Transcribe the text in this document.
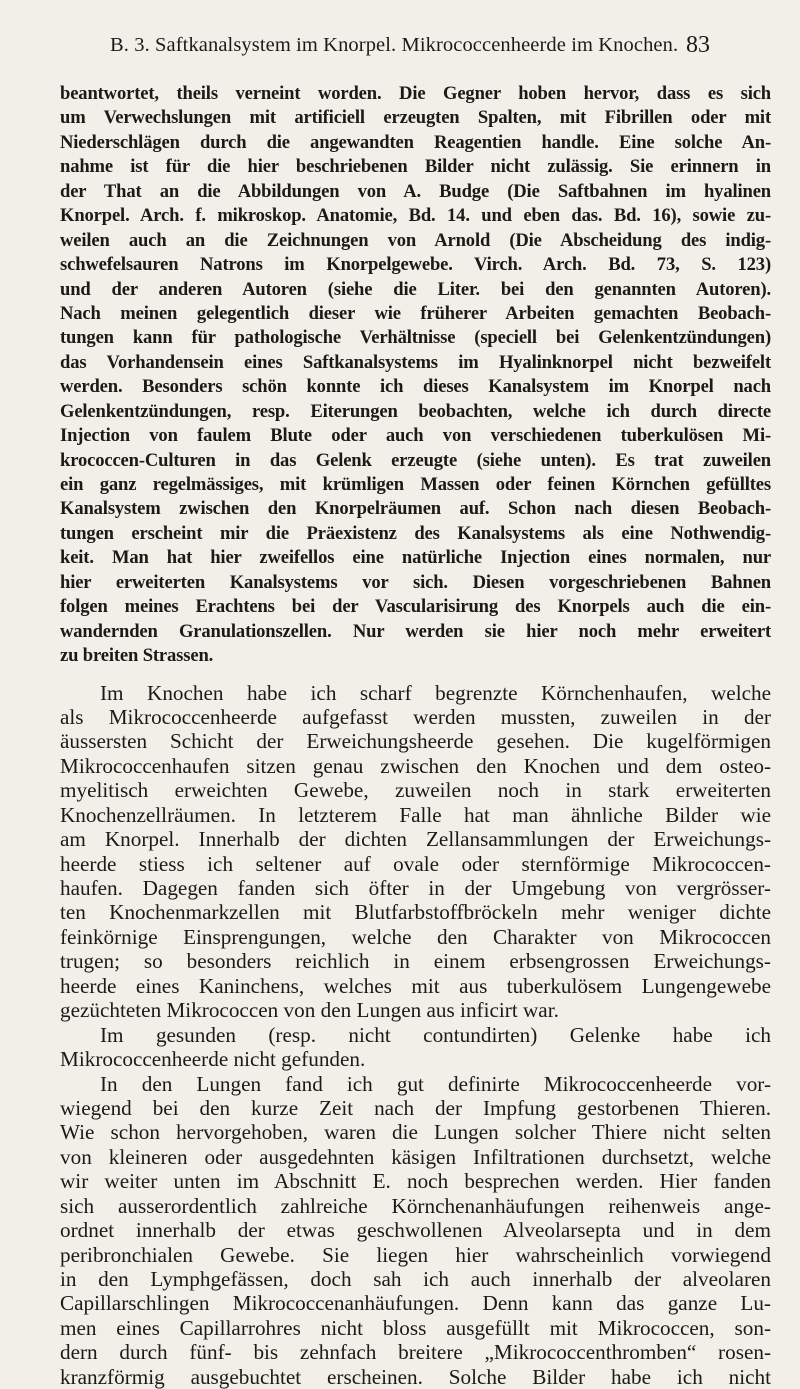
B. 3. Saftkanalsystem im Knorpel. Mikrococcenheerde im Knochen. 83
beantwortet, theils verneint worden. Die Gegner hoben hervor, dass es sich
um Verwechslungen mit artificiell erzeugten Spalten, mit Fibrillen oder mit
Niederschlägen durch die angewandten Reagentien handle. Eine solche An-
nahme ist für die hier beschriebenen Bilder nicht zulässig. Sie erinnern in
der That an die Abbildungen von A. Budge (Die Saftbahnen im hyalinen
Knorpel. Arch. f. mikroskop. Anatomie, Bd. 14. und eben das. Bd. 16), sowie zu-
weilen auch an die Zeichnungen von Arnold (Die Abscheidung des indig-
schwefelsauren Natrons im Knorpelgewebe. Virch. Arch. Bd. 73, S. 123)
und der anderen Autoren (siehe die Liter. bei den genannten Autoren).
Nach meinen gelegentlich dieser wie früherer Arbeiten gemachten Beobach-
tungen kann für pathologische Verhältnisse (speciell bei Gelenkentzündungen)
das Vorhandensein eines Saftkanalsystems im Hyalinknorpel nicht bezweifelt
werden. Besonders schön konnte ich dieses Kanalsystem im Knorpel nach
Gelenkentzündungen, resp. Eiterungen beobachten, welche ich durch directe
Injection von faulem Blute oder auch von verschiedenen tuberkulösen Mi-
krococcen-Culturen in das Gelenk erzeugte (siehe unten). Es trat zuweilen
ein ganz regelmässiges, mit krümligen Massen oder feinen Körnchen gefülltes
Kanalsystem zwischen den Knorpelräumen auf. Schon nach diesen Beobach-
tungen erscheint mir die Präexistenz des Kanalsystems als eine Nothwendig-
keit. Man hat hier zweifellos eine natürliche Injection eines normalen, nur
hier erweiterten Kanalsystems vor sich. Diesen vorgeschriebenen Bahnen
folgen meines Erachtens bei der Vascularisirung des Knorpels auch die ein-
wandernden Granulationszellen. Nur werden sie hier noch mehr erweitert
zu breiten Strassen.
Im Knochen habe ich scharf begrenzte Körnchenhaufen, welche
als Mikrococcenheerde aufgefasst werden mussten, zuweilen in der
äussersten Schicht der Erweichungsheerde gesehen. Die kugelförmigen
Mikrococcenhaufen sitzen genau zwischen den Knochen und dem osteo-
myelitisch erweichten Gewebe, zuweilen noch in stark erweiterten
Knochenzellräumen. In letzterem Falle hat man ähnliche Bilder wie
am Knorpel. Innerhalb der dichten Zellansammlungen der Erweichungs-
heerde stiess ich seltener auf ovale oder sternförmige Mikrococcen-
haufen. Dagegen fanden sich öfter in der Umgebung von vergrösser-
ten Knochenmarkzellen mit Blutfarbstoffbröckeln mehr weniger dichte
feinkörnige Einsprengungen, welche den Charakter von Mikrococcen
trugen; so besonders reichlich in einem erbsengrossen Erweichungs-
heerde eines Kaninchens, welches mit aus tuberkulösem Lungengewebe
gezüchteten Mikrococcen von den Lungen aus inficirt war.
Im gesunden (resp. nicht contundirten) Gelenke habe ich
Mikrococcenheerde nicht gefunden.
In den Lungen fand ich gut definirte Mikrococcenheerde vor-
wiegend bei den kurze Zeit nach der Impfung gestorbenen Thieren.
Wie schon hervorgehoben, waren die Lungen solcher Thiere nicht selten
von kleineren oder ausgedehnten käsigen Infiltrationen durchsetzt, welche
wir weiter unten im Abschnitt E. noch besprechen werden. Hier fanden
sich ausserordentlich zahlreiche Körnchenanhäufungen reihenweis ange-
ordnet innerhalb der etwas geschwollenen Alveolarsepta und in dem
peribronchialen Gewebe. Sie liegen hier wahrscheinlich vorwiegend
in den Lymphgefässen, doch sah ich auch innerhalb der alveolaren
Capillarschlingen Mikrococcenanhäufungen. Denn kann das ganze Lu-
men eines Capillarrohres nicht bloss ausgefüllt mit Mikrococcen, son-
dern durch fünf- bis zehnfach breitere „Mikrococcenthromben“ rosen-
kranzförmig ausgebuchtet erscheinen. Solche Bilder habe ich nicht
